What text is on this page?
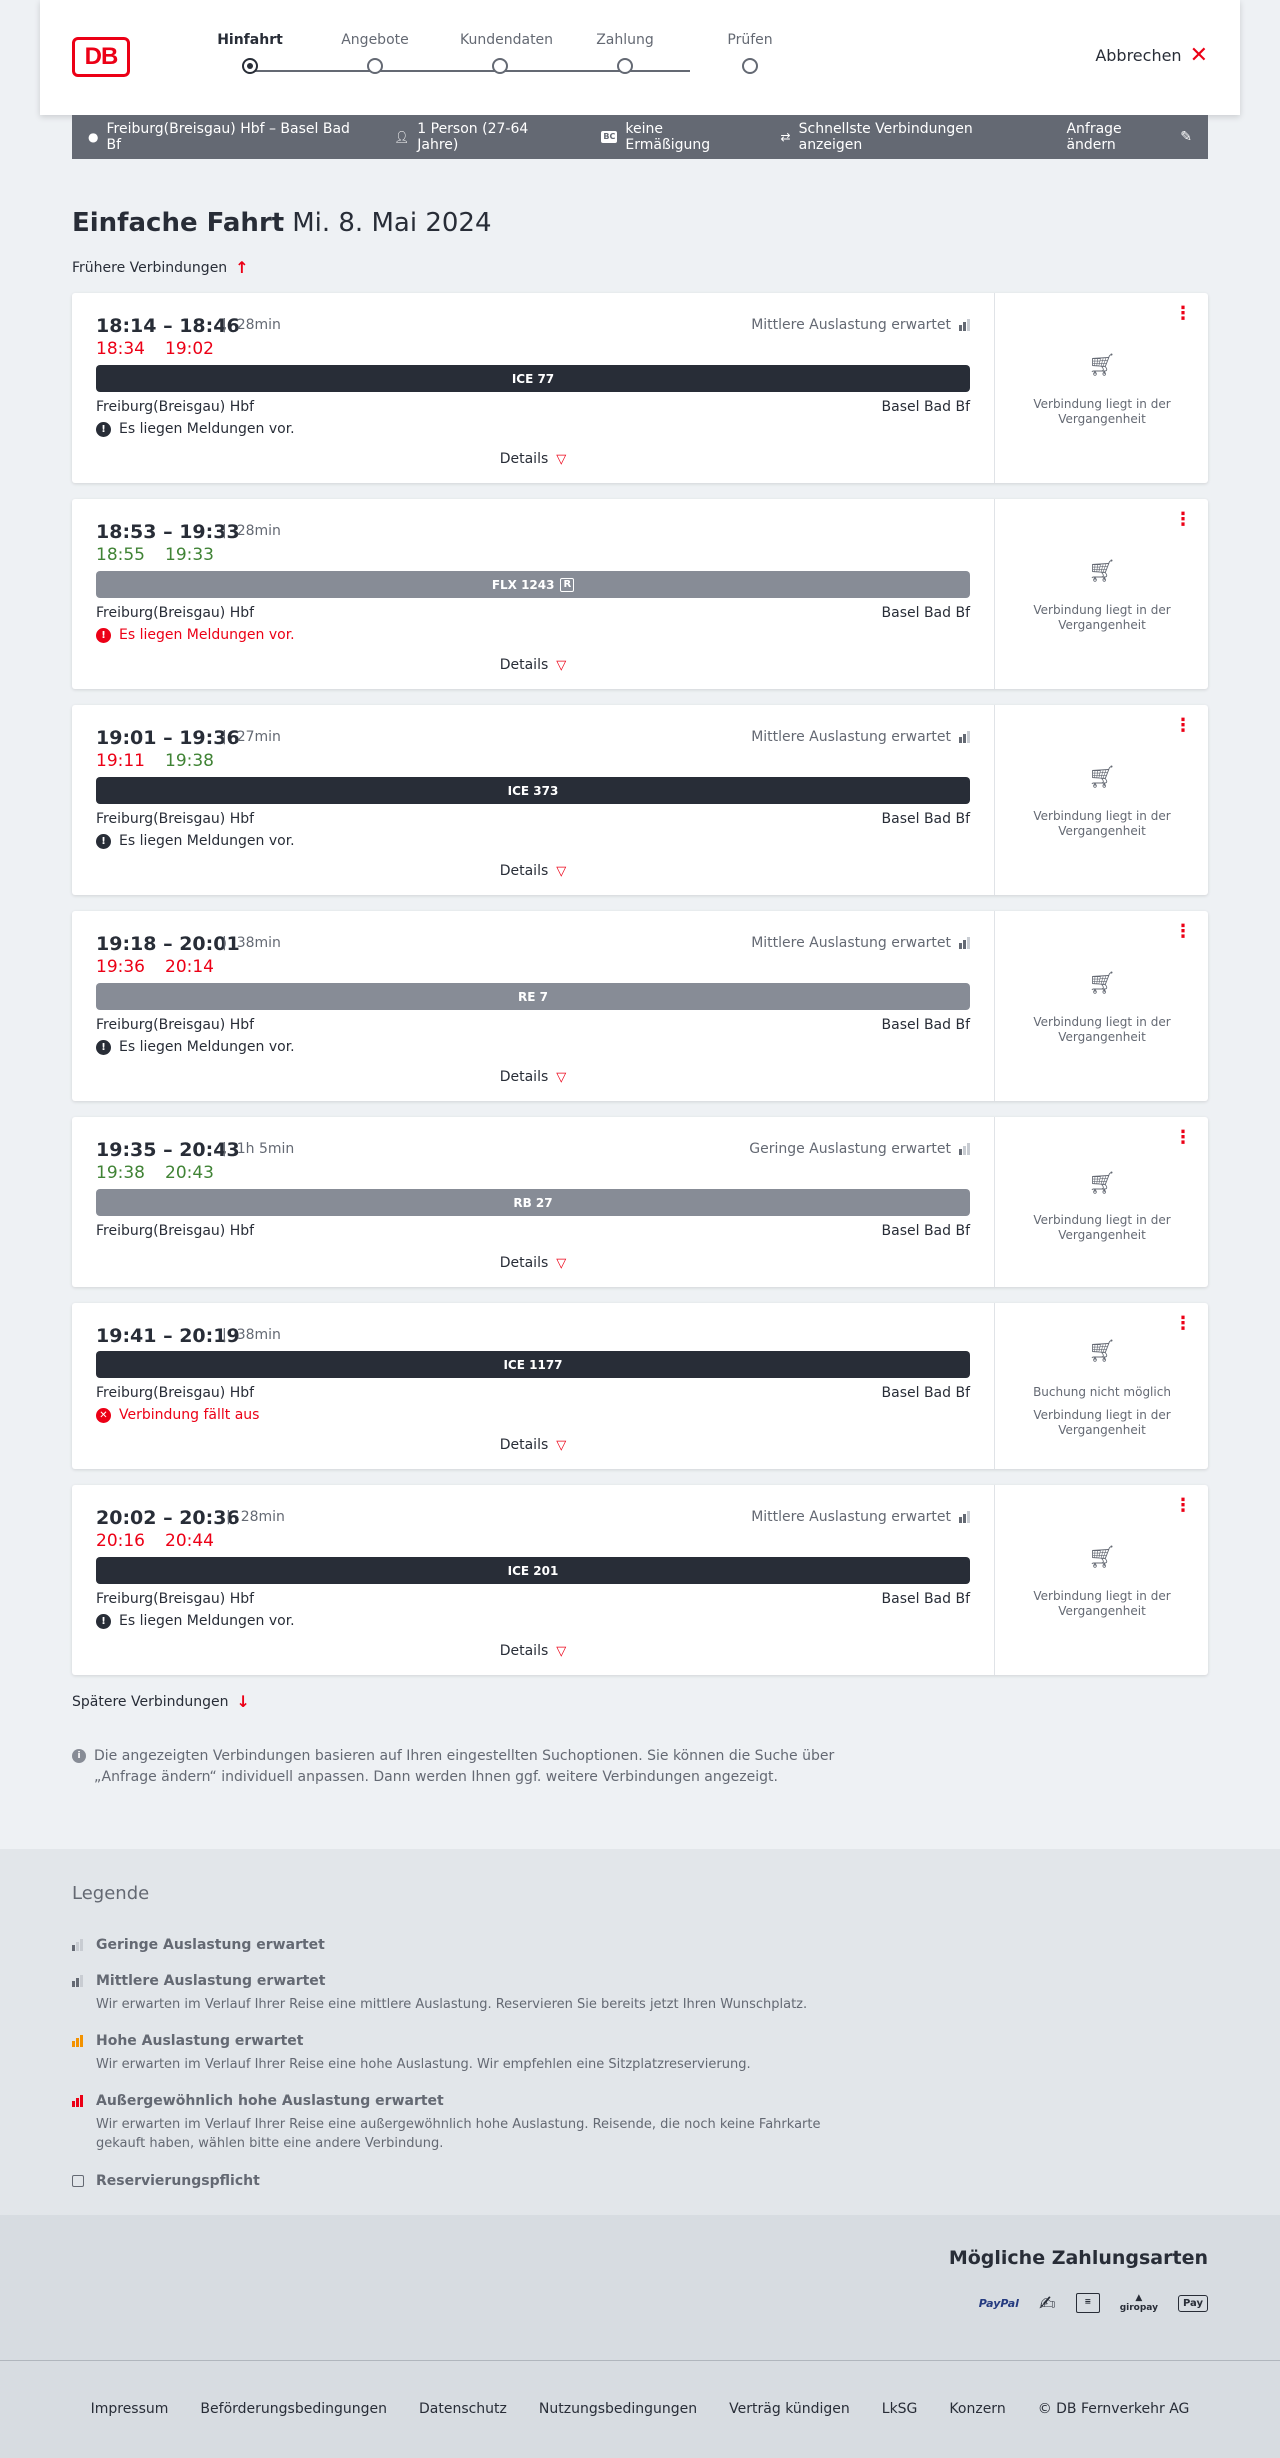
DB
Hinfahrt	Angebote	Kundendaten	Zahlung	Prüfen
Abbrechen ✕
● Freiburg(Breisgau) Hbf – Basel Bad Bf	👤︎ 1 Person (27-64 Jahre)
BC keine Ermäßigung	⇄ Schnellste Verbindungen anzeigen
Anfrage ändern	✎
Einfache Fahrt Mi. 8. Mai 2024
Frühere Verbindungen ↑
18:14 – 18:46
| 28min
18:34 19:02
Mittlere Auslastung erwartet
ICE 77
Freiburg(Breisgau) Hbf	Basel Bad Bf
! Es liegen Meldungen vor.
Details ▽
⋮
🛒︎
Verbindung liegt in der Vergangenheit
18:53 – 19:33
| 28min
18:55 19:33
FLX 1243 R
Freiburg(Breisgau) Hbf	Basel Bad Bf
! Es liegen Meldungen vor.
Details ▽
⋮
🛒︎
Verbindung liegt in der Vergangenheit
19:01 – 19:36
| 27min
19:11 19:38
Mittlere Auslastung erwartet
ICE 373
Freiburg(Breisgau) Hbf	Basel Bad Bf
! Es liegen Meldungen vor.
Details ▽
⋮
🛒︎
Verbindung liegt in der Vergangenheit
19:18 – 20:01
| 38min
19:36 20:14
Mittlere Auslastung erwartet
RE 7
Freiburg(Breisgau) Hbf	Basel Bad Bf
! Es liegen Meldungen vor.
Details ▽
⋮
🛒︎
Verbindung liegt in der Vergangenheit
19:35 – 20:43
| 1h 5min
19:38 20:43
Geringe Auslastung erwartet
RB 27
Freiburg(Breisgau) Hbf	Basel Bad Bf
Details ▽
⋮
🛒︎
Verbindung liegt in der Vergangenheit
19:41 – 20:19
| 38min
ICE 1177
Freiburg(Breisgau) Hbf	Basel Bad Bf
✕ Verbindung fällt aus
Details ▽
⋮
🛒︎
Buchung nicht möglich
Verbindung liegt in der Vergangenheit
20:02 – 20:36
| 28min
20:16 20:44
Mittlere Auslastung erwartet
ICE 201
Freiburg(Breisgau) Hbf	Basel Bad Bf
! Es liegen Meldungen vor.
Details ▽
⋮
🛒︎
Verbindung liegt in der Vergangenheit
Spätere Verbindungen ↓
i Die angezeigten Verbindungen basieren auf Ihren eingestellten Suchoptionen. Sie können die Suche über „Anfrage ändern“ individuell anpassen. Dann werden Ihnen ggf. weitere Verbindungen angezeigt.
Legende
Geringe Auslastung erwartet
Mittlere Auslastung erwartet
Wir erwarten im Verlauf Ihrer Reise eine mittlere Auslastung. Reservieren Sie bereits jetzt Ihren Wunschplatz.
Hohe Auslastung erwartet
Wir erwarten im Verlauf Ihrer Reise eine hohe Auslastung. Wir empfehlen eine Sitzplatzreservierung.
Außergewöhnlich hohe Auslastung erwartet
Wir erwarten im Verlauf Ihrer Reise eine außergewöhnlich hohe Auslastung. Reisende, die noch keine Fahrkarte gekauft haben, wählen bitte eine andere Verbindung.
Reservierungspflicht
Mögliche Zahlungsarten
PayPal ✍	≡	▲
giropay	Pay
Impressum Beförderungsbedingungen Datenschutz Nutzungsbedingungen Verträg kündigen LkSG Konzern © DB Fernverkehr AG
